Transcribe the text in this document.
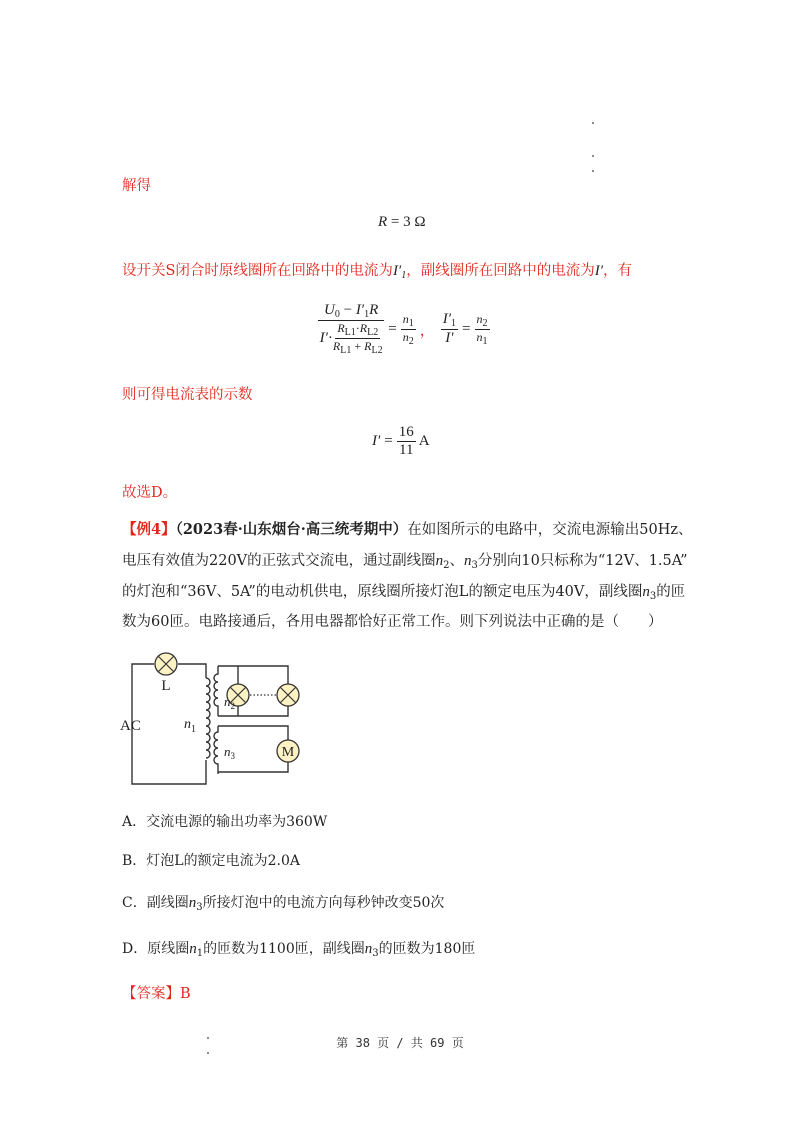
解得
R = 3 Ω
设开关S闭合时原线圈所在回路中的电流为$I'_1$，副线圈所在回路中的电流为I′，有
$U_0 - I'_1R$
$I' \cdot \frac{R_{L1}\cdot R_{L2}}{R_{L1} + R_{L2}} = \frac{n_1}{n_2}$ ， $\frac{I'_1}{I'} = \frac{n_2}{n_1}$
则可得电流表的示数
$I' = \frac{16}{11}$ A
故选D。
【例4】（2023春·山东烟台·高三统考期中）在如图所示的电路中，交流电源输出50Hz、
电压有效值为220V的正弦式交流电，通过副线圈$n_2$、$n_3$分别向10只标称为“12V、1.5A”
的灯泡和“36V、5A”的电动机供电，原线圈所接灯泡L的额定电压为40V，副线圈$n_3$的匝
数为60匝。电路接通后，各用电器都恰好正常工作。则下列说法中正确的是（　　）
M
L
AC	$n_1$
$n_2$
$n_3$
A．交流电源的输出功率为360W
B．灯泡L的额定电流为2.0A
C．副线圈$n_3$所接灯泡中的电流方向每秒钟改变50次
D．原线圈$n_1$的匝数为1100匝，副线圈$n_3$的匝数为180匝
【答案】B
第 38 页 / 共 69 页
